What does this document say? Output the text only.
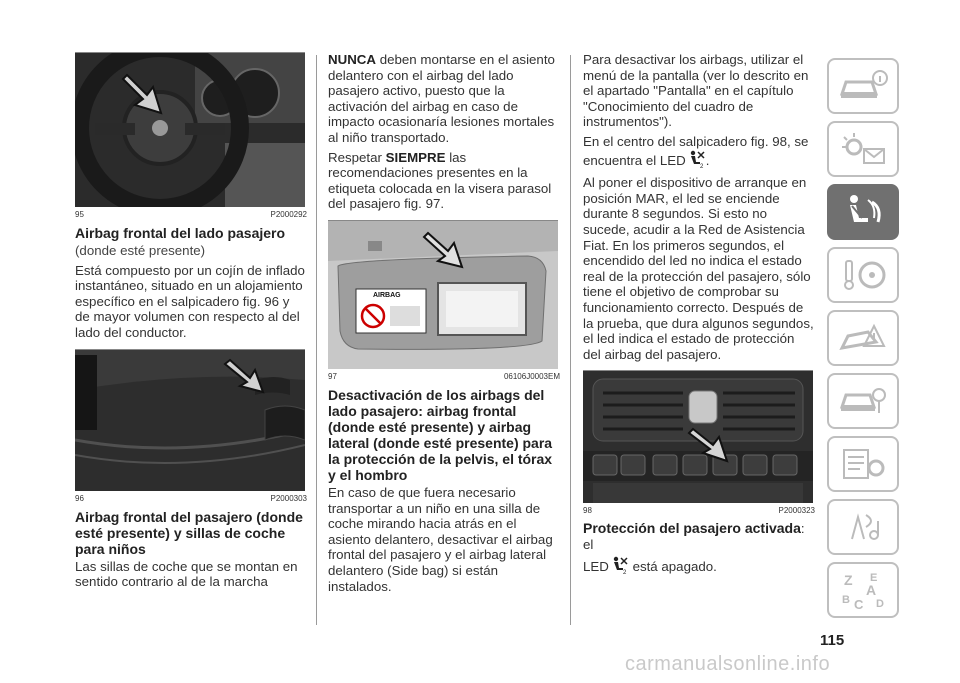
95	P2000292
Airbag frontal del lado pasajero

(donde esté presente)

Está compuesto por un cojín de inflado instantáneo, situado en un alojamiento específico en el salpicadero fig. 96 y de mayor volumen con respecto al del lado del conductor.

96	P2000303
Airbag frontal del pasajero (donde esté presente) y sillas de coche para niños

Las sillas de coche que se montan en sentido contrario al de la marcha

NUNCA deben montarse en el asiento delantero con el airbag del lado pasajero activo, puesto que la activación del airbag en caso de impacto ocasionaría lesiones mortales al niño transportado.

Respetar SIEMPRE las recomendaciones presentes en la etiqueta colocada en la visera parasol del pasajero fig. 97.

AIRBAG
97	06106J0003EM
Desactivación de los airbags del lado pasajero: airbag frontal (donde esté presente) y airbag lateral (donde esté presente) para la protección de la pelvis, el tórax y el hombro

En caso de que fuera necesario transportar a un niño en una silla de coche mirando hacia atrás en el asiento delantero, desactivar el airbag frontal del pasajero y el airbag lateral delantero (Side bag) si están instalados.

Para desactivar los airbags, utilizar el menú de la pantalla (ver lo descrito en el apartado "Pantalla" en el capítulo "Conocimiento del cuadro de instrumentos").

En el centro del salpicadero fig. 98, se encuentra el LED 2 .

Al poner el dispositivo de arranque en posición MAR, el led se enciende durante 8 segundos. Si esto no sucede, acudir a la Red de Asistencia Fiat. En los primeros segundos, el encendido del led no indica el estado real de la protección del pasajero, sólo tiene el objetivo de comprobar su funcionamiento correcto. Después de la prueba, que dura algunos segundos, el led indica el estado de protección del airbag del pasajero.

98	P2000323

Protección del pasajero activada: el

LED 2 está apagado.

Z E
A
B C D
115
carmanualsonline.info
